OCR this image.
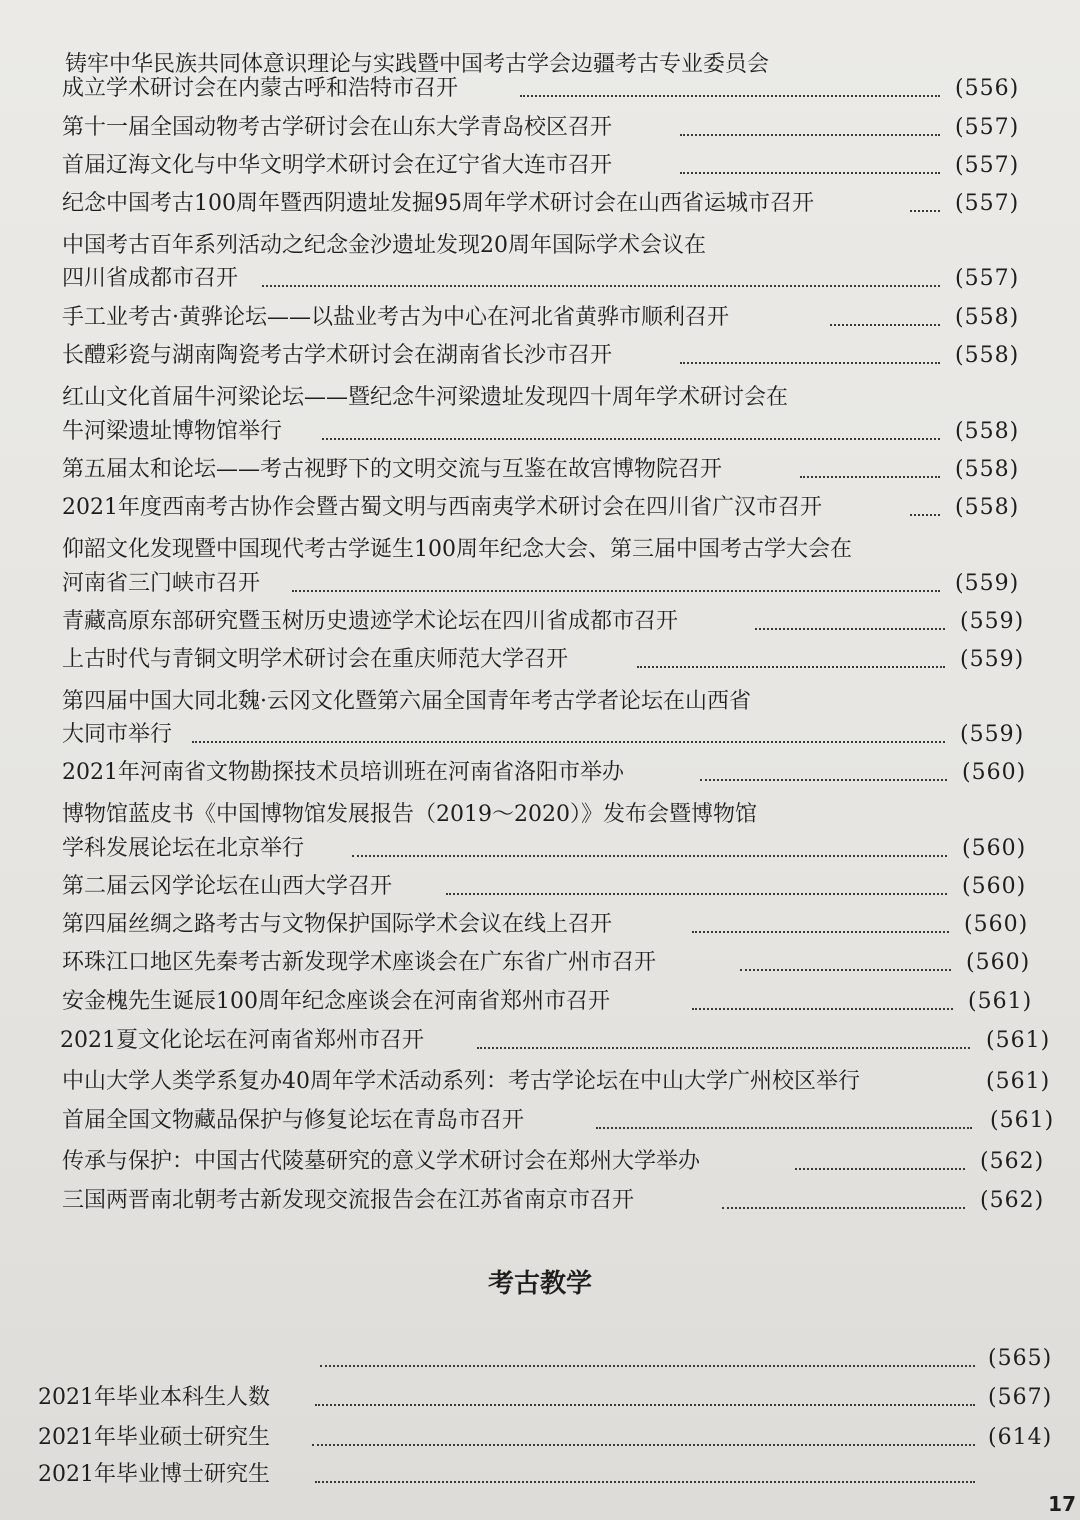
铸牢中华民族共同体意识理论与实践暨中国考古学会边疆考古专业委员会
成立学术研讨会在内蒙古呼和浩特市召开	(556)
第十一届全国动物考古学研讨会在山东大学青岛校区召开	(557)
首届辽海文化与中华文明学术研讨会在辽宁省大连市召开	(557)
纪念中国考古100周年暨西阴遗址发掘95周年学术研讨会在山西省运城市召开	(557)
中国考古百年系列活动之纪念金沙遗址发现20周年国际学术会议在
四川省成都市召开	(557)
手工业考古·黄骅论坛——以盐业考古为中心在河北省黄骅市顺利召开	(558)
长醴彩瓷与湖南陶瓷考古学术研讨会在湖南省长沙市召开	(558)
红山文化首届牛河梁论坛——暨纪念牛河梁遗址发现四十周年学术研讨会在
牛河梁遗址博物馆举行	(558)
第五届太和论坛——考古视野下的文明交流与互鉴在故宫博物院召开	(558)
2021年度西南考古协作会暨古蜀文明与西南夷学术研讨会在四川省广汉市召开	(558)
仰韶文化发现暨中国现代考古学诞生100周年纪念大会、第三届中国考古学大会在
河南省三门峡市召开	(559)
青藏高原东部研究暨玉树历史遗迹学术论坛在四川省成都市召开	(559)
上古时代与青铜文明学术研讨会在重庆师范大学召开	(559)
第四届中国大同北魏·云冈文化暨第六届全国青年考古学者论坛在山西省
大同市举行	(559)
2021年河南省文物勘探技术员培训班在河南省洛阳市举办	(560)
博物馆蓝皮书《中国博物馆发展报告（2019～2020）》发布会暨博物馆
学科发展论坛在北京举行	(560)
第二届云冈学论坛在山西大学召开	(560)
第四届丝绸之路考古与文物保护国际学术会议在线上召开	(560)
环珠江口地区先秦考古新发现学术座谈会在广东省广州市召开	(560)
安金槐先生诞辰100周年纪念座谈会在河南省郑州市召开	(561)
2021夏文化论坛在河南省郑州市召开	(561)
中山大学人类学系复办40周年学术活动系列：考古学论坛在中山大学广州校区举行	(561)
首届全国文物藏品保护与修复论坛在青岛市召开	(561)
传承与保护：中国古代陵墓研究的意义学术研讨会在郑州大学举办	(562)
三国两晋南北朝考古新发现交流报告会在江苏省南京市召开	(562)
考古教学
(565)
2021年毕业本科生人数	(567)
2021年毕业硕士研究生	(614)
2021年毕业博士研究生
17
